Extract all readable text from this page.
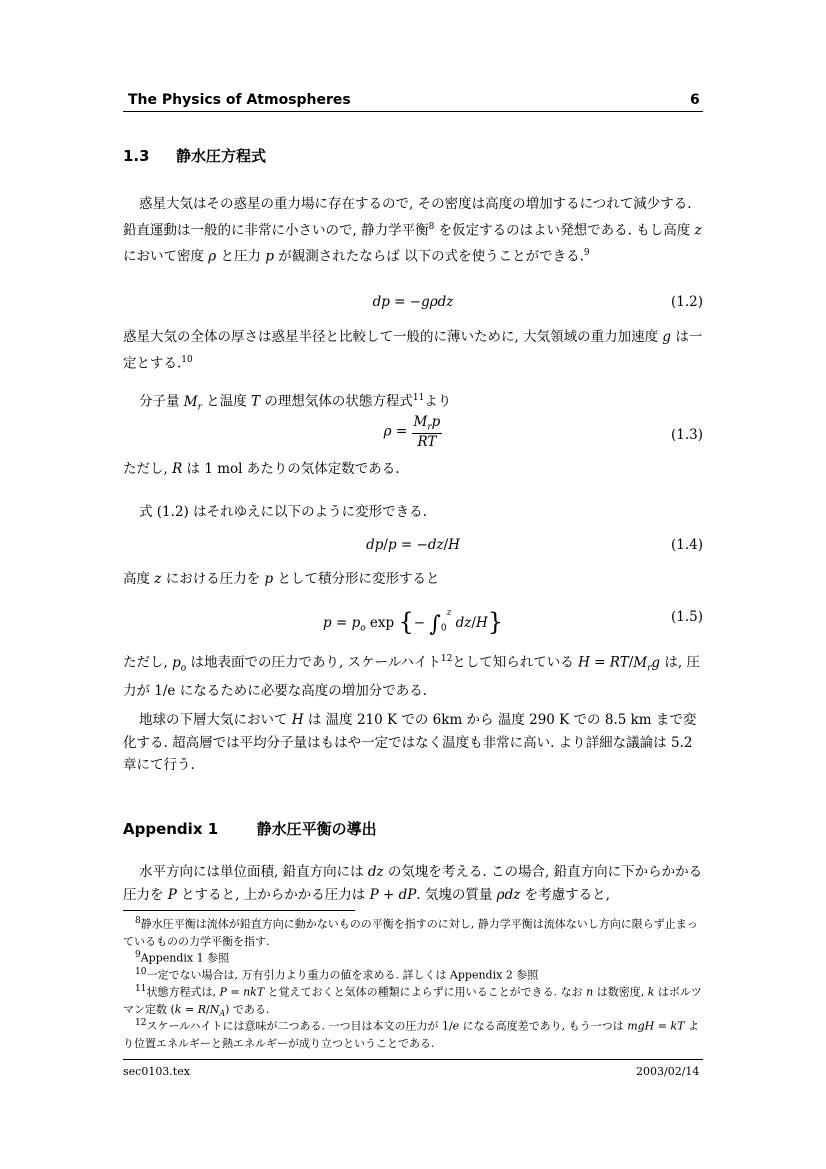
The Physics of Atmospheres	6
1.3 静水圧方程式
惑星大気はその惑星の重力場に存在するので, その密度は高度の増加するにつれて減少する. 鉛直運動は一般的に非常に小さいので, 静力学平衡$^8$ を仮定するのはよい発想である. もし高度 z において密度 ρ と圧力 p が観測されたならば 以下の式を使うことができる.$^9$
dp = −gρdz	(1.2)
惑星大気の全体の厚さは惑星半径と比較して一般的に薄いために, 大気領域の重力加速度 g は一定とする.$^{10}$
分子量 $M_r$ と温度 T の理想気体の状態方程式$^{11}$より
$\rho = \frac{M_rp}{RT}$	(1.3)
ただし, R は 1 mol あたりの気体定数である.
式 (1.2) はそれゆえに以下のように変形できる.
dp/p = −dz/H	(1.4)
高度 z における圧力を p として積分形に変形すると
$p = p_o$ exp {− $\int_0^z$ dz/H}	(1.5)
ただし, $p_o$ は地表面での圧力であり, スケールハイト$^{12}$として知られている $H = RT/M_rg$ は, 圧力が 1/e になるために必要な高度の増加分である.
地球の下層大気において H は 温度 210 K での 6km から 温度 290 K での 8.5 km まで変化する. 超高層では平均分子量はもはや一定ではなく温度も非常に高い. より詳細な議論は 5.2 章にて行う.
Appendix 1	静水圧平衡の導出
水平方向には単位面積, 鉛直方向には dz の気塊を考える. この場合, 鉛直方向に下からかかる圧力を P とすると, 上からかかる圧力は P + dP. 気塊の質量 ρdz を考慮すると,
$^8$静水圧平衡は流体が鉛直方向に動かないものの平衡を指すのに対し, 静力学平衡は流体ないし方向に限らず止まっているものの力学平衡を指す.
$^9$Appendix 1 参照
$^{10}$一定でない場合は, 万有引力より重力の値を求める. 詳しくは Appendix 2 参照
$^{11}$状態方程式は, P = nkT と覚えておくと気体の種類によらずに用いることができる. なお n は数密度, k はボルツマン定数 $(k = R/N_A)$ である.
$^{12}$スケールハイトには意味が二つある. 一つ目は本文の圧力が 1/e になる高度差であり, もう一つは mgH = kT より位置エネルギーと熱エネルギーが成り立つということである.
sec0103.tex	2003/02/14
